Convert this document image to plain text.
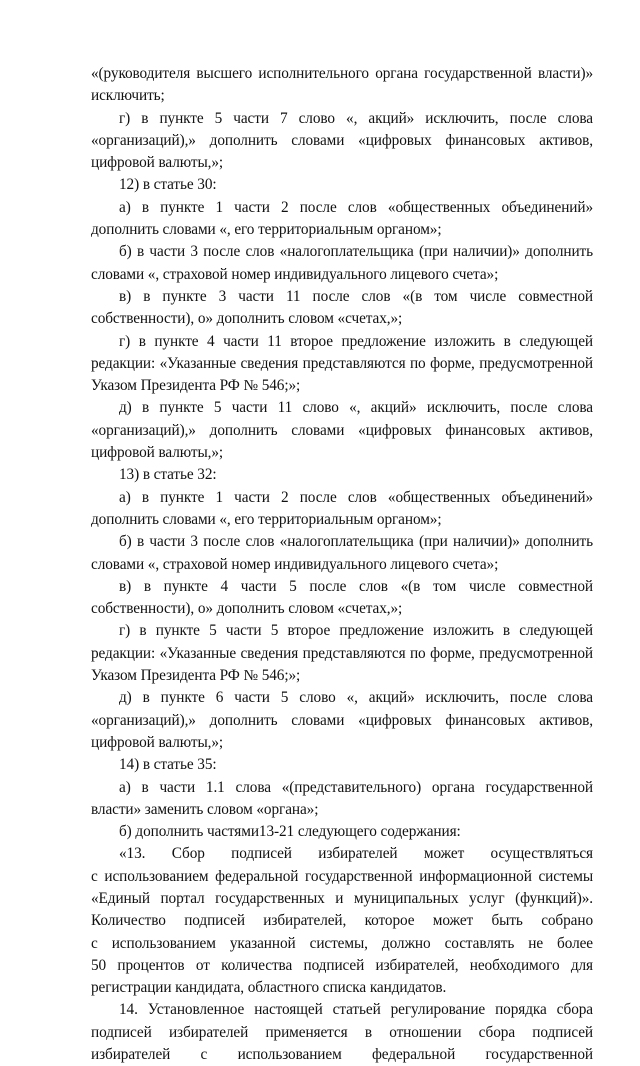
«(руководителя высшего исполнительного органа государственной власти)»
исключить;
г) в пункте 5 части 7 слово «, акций» исключить, после слова
«организаций),» дополнить словами «цифровых финансовых активов,
цифровой валюты,»;
12) в статье 30:
а) в пункте 1 части 2 после слов «общественных объединений»
дополнить словами «, его территориальным органом»;
б) в части 3 после слов «налогоплательщика (при наличии)» дополнить
словами «, страховой номер индивидуального лицевого счета»;
в) в пункте 3 части 11 после слов «(в том числе совместной
собственности), о» дополнить словом «счетах,»;
г) в пункте 4 части 11 второе предложение изложить в следующей
редакции: «Указанные сведения представляются по форме, предусмотренной
Указом Президента РФ № 546;»;
д) в пункте 5 части 11 слово «, акций» исключить, после слова
«организаций),» дополнить словами «цифровых финансовых активов,
цифровой валюты,»;
13) в статье 32:
а) в пункте 1 части 2 после слов «общественных объединений»
дополнить словами «, его территориальным органом»;
б) в части 3 после слов «налогоплательщика (при наличии)» дополнить
словами «, страховой номер индивидуального лицевого счета»;
в) в пункте 4 части 5 после слов «(в том числе совместной
собственности), о» дополнить словом «счетах,»;
г) в пункте 5 части 5 второе предложение изложить в следующей
редакции: «Указанные сведения представляются по форме, предусмотренной
Указом Президента РФ № 546;»;
д) в пункте 6 части 5 слово «, акций» исключить, после слова
«организаций),» дополнить словами «цифровых финансовых активов,
цифровой валюты,»;
14) в статье 35:
а) в части 1.1 слова «(представительного) органа государственной
власти» заменить словом «органа»;
б) дополнить частями13-21 следующего содержания:
«13. Сбор подписей избирателей может осуществляться
с использованием федеральной государственной информационной системы
«Единый портал государственных и муниципальных услуг (функций)».
Количество подписей избирателей, которое может быть собрано
с использованием указанной системы, должно составлять не более
50 процентов от количества подписей избирателей, необходимого для
регистрации кандидата, областного списка кандидатов.
14. Установленное настоящей статьей регулирование порядка сбора
подписей избирателей применяется в отношении сбора подписей
избирателей с использованием федеральной государственной
